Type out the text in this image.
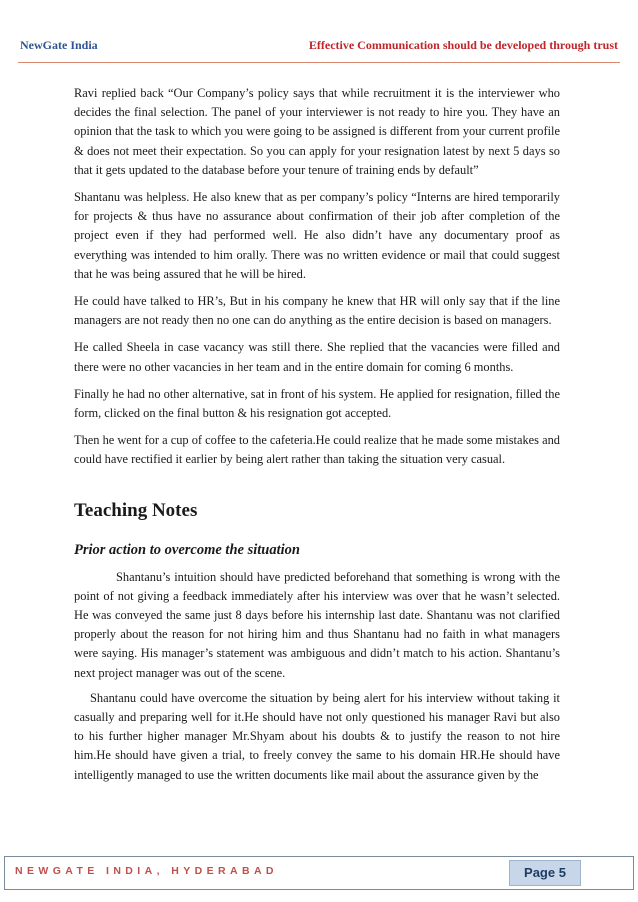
NewGate India	Effective Communication should be developed through trust

Ravi replied back “Our Company’s policy says that while recruitment it is the interviewer who decides the final selection. The panel of your interviewer is not ready to hire you. They have an opinion that the task to which you were going to be assigned is different from your current profile & does not meet their expectation. So you can apply for your resignation latest by next 5 days so that it gets updated to the database before your tenure of training ends by default”

Shantanu was helpless. He also knew that as per company’s policy “Interns are hired temporarily for projects & thus have no assurance about confirmation of their job after completion of the project even if they had performed well. He also didn’t have any documentary proof as everything was intended to him orally. There was no written evidence or mail that could suggest that he was being assured that he will be hired.

He could have talked to HR’s, But in his company he knew that HR will only say that if the line managers are not ready then no one can do anything as the entire decision is based on managers.

He called Sheela in case vacancy was still there. She replied that the vacancies were filled and there were no other vacancies in her team and in the entire domain for coming 6 months.

Finally he had no other alternative, sat in front of his system. He applied for resignation, filled the form, clicked on the final button & his resignation got accepted.

Then he went for a cup of coffee to the cafeteria.He could realize that he made some mistakes and could have rectified it earlier by being alert rather than taking the situation very casual.

Teaching Notes
Prior action to overcome the situation

Shantanu’s intuition should have predicted beforehand that something is wrong with the point of not giving a feedback immediately after his interview was over that he wasn’t selected. He was conveyed the same just 8 days before his internship last date. Shantanu was not clarified properly about the reason for not hiring him and thus Shantanu had no faith in what managers were saying. His manager’s statement was ambiguous and didn’t match to his action. Shantanu’s next project manager was out of the scene.

Shantanu could have overcome the situation by being alert for his interview without taking it casually and preparing well for it.He should have not only questioned his manager Ravi but also to his further higher manager Mr.Shyam about his doubts & to justify the reason to not hire him.He should have given a trial, to freely convey the same to his domain HR.He should have intelligently managed to use the written documents like mail about the assurance given by the

NEWGATE INDIA, HYDERABAD	Page 5
